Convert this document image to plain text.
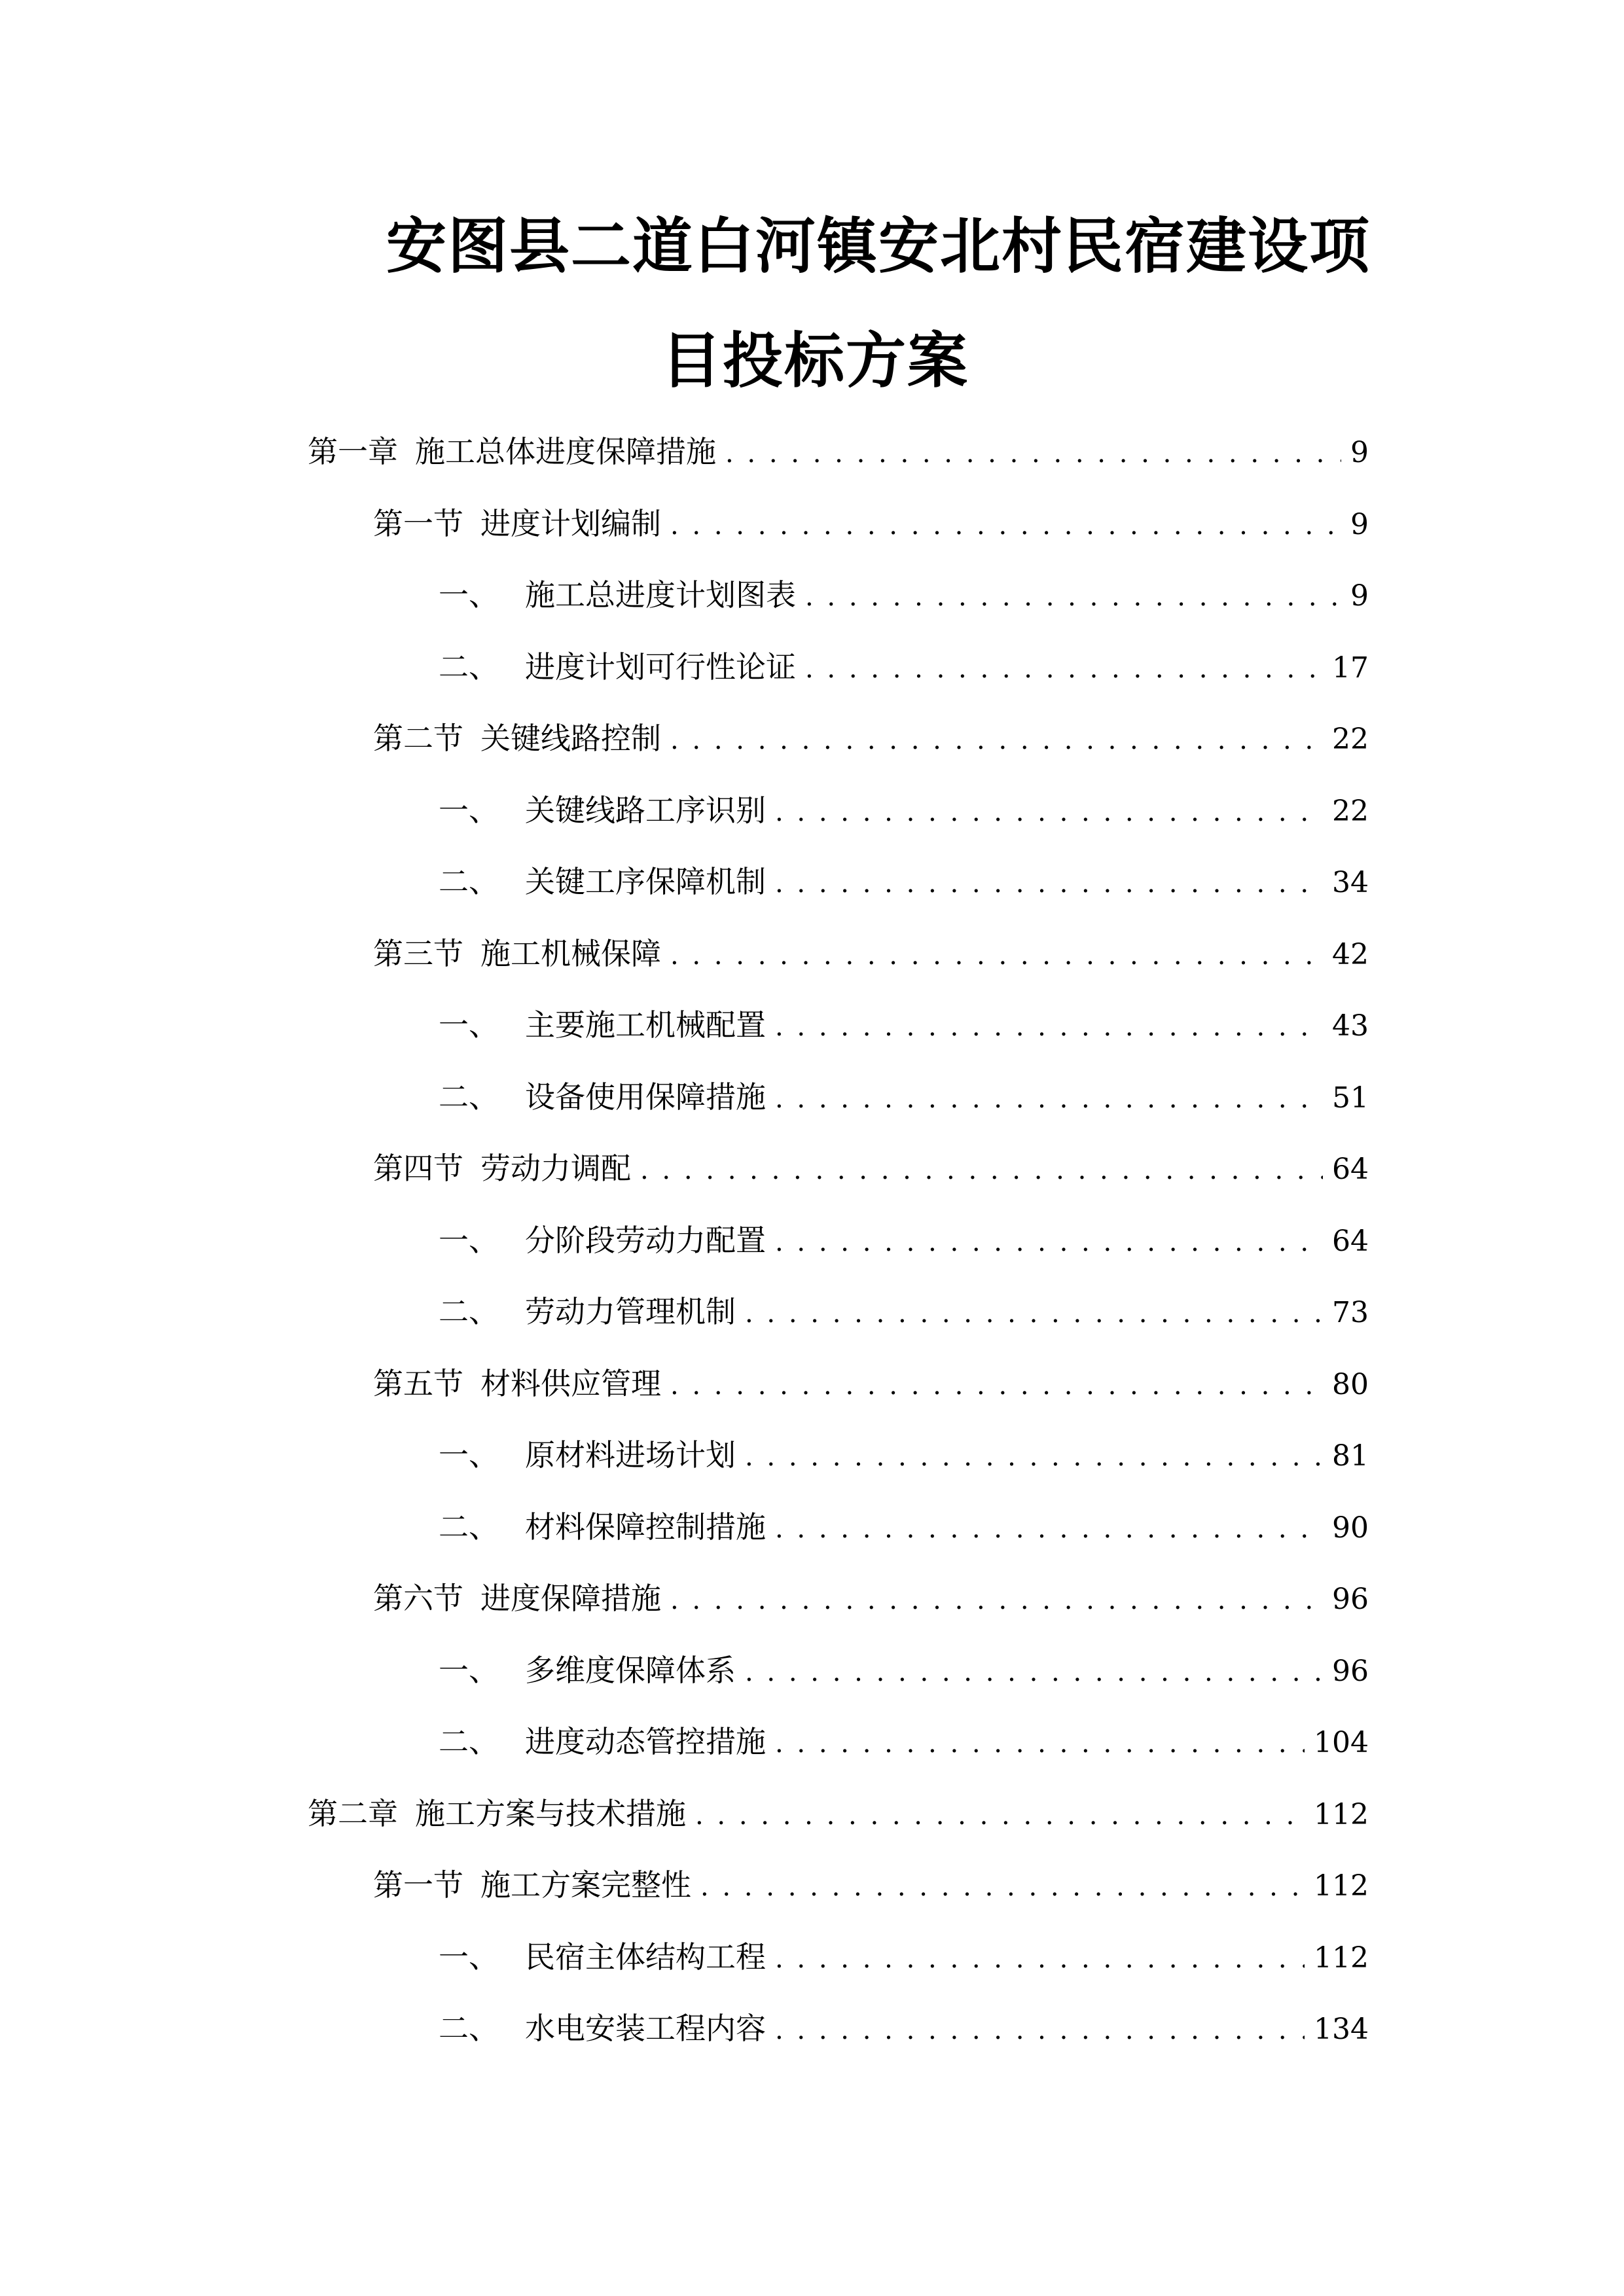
安图县二道白河镇安北村民宿建设项
目投标方案
第一章 施工总体进度保障措施 . . .	9
第一节 进度计划编制 . . .	9
一、 施工总进度计划图表 . . .	9
二、 进度计划可行性论证 . . .	17
第二节 关键线路控制 . . .	22
一、 关键线路工序识别 . . .	22
二、 关键工序保障机制 . . .	34
第三节 施工机械保障 . . .	42
一、 主要施工机械配置 . . .	43
二、 设备使用保障措施 . . .	51
第四节 劳动力调配 . . .	64
一、 分阶段劳动力配置 . . .	64
二、 劳动力管理机制 . . .	73
第五节 材料供应管理 . . .	80
一、 原材料进场计划 . . .	81
二、 材料保障控制措施 . . .	90
第六节 进度保障措施 . . .	96
一、 多维度保障体系 . . .	96
二、 进度动态管控措施 . . .	104
第二章 施工方案与技术措施 . . .	112
第一节 施工方案完整性 . . .	112
一、 民宿主体结构工程 . . .	112
二、 水电安装工程内容 . . .	134
